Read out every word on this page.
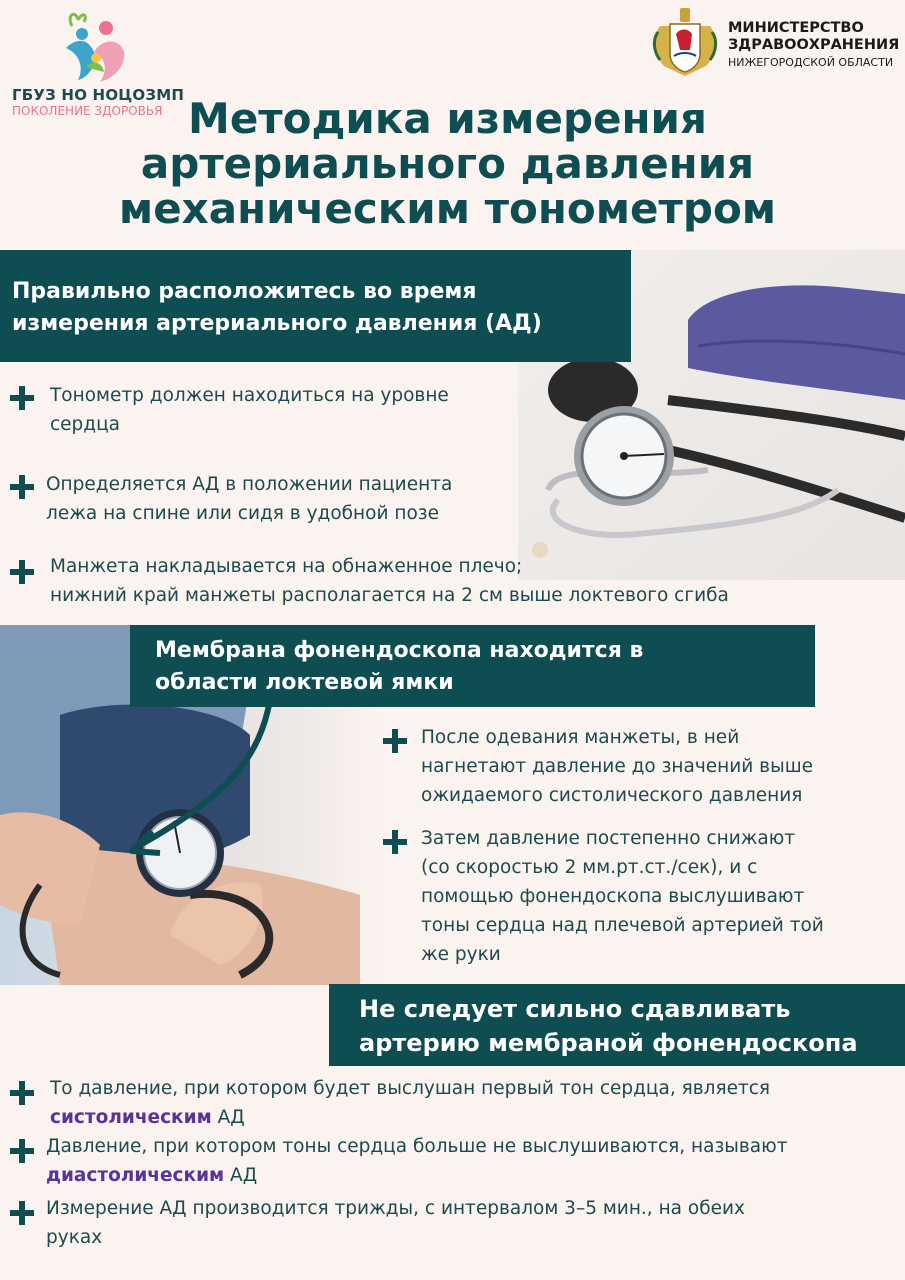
ГБУЗ НО НОЦОЗМП
ПОКОЛЕНИЕ ЗДОРОВЬЯ
МИНИСТЕРСТВО
ЗДРАВООХРАНЕНИЯ
НИЖЕГОРОДСКОЙ ОБЛАСТИ
Методика измерения
артериального давления
механическим тонометром
Правильно расположитесь во время
измерения артериального давления (АД)
Тонометр должен находиться на уровне
сердца
Определяется АД в положении пациента
лежа на спине или сидя в удобной позе
Манжета накладывается на обнаженное плечо;
нижний край манжеты располагается на 2 см выше локтевого сгиба
Мембрана фонендоскопа находится в
области локтевой ямки
После одевания манжеты, в ней
нагнетают давление до значений выше
ожидаемого систолического давления
Затем давление постепенно снижают
(со скоростью 2 мм.рт.ст./сек), и с
помощью фонендоскопа выслушивают
тоны сердца над плечевой артерией той
же руки
Не следует сильно сдавливать
артерию мембраной фонендоскопа
То давление, при котором будет выслушан первый тон сердца, является
систолическим АД
Давление, при котором тоны сердца больше не выслушиваются, называют
диастолическим АД
Измерение АД производится трижды, с интервалом 3–5 мин., на обеих
руках
